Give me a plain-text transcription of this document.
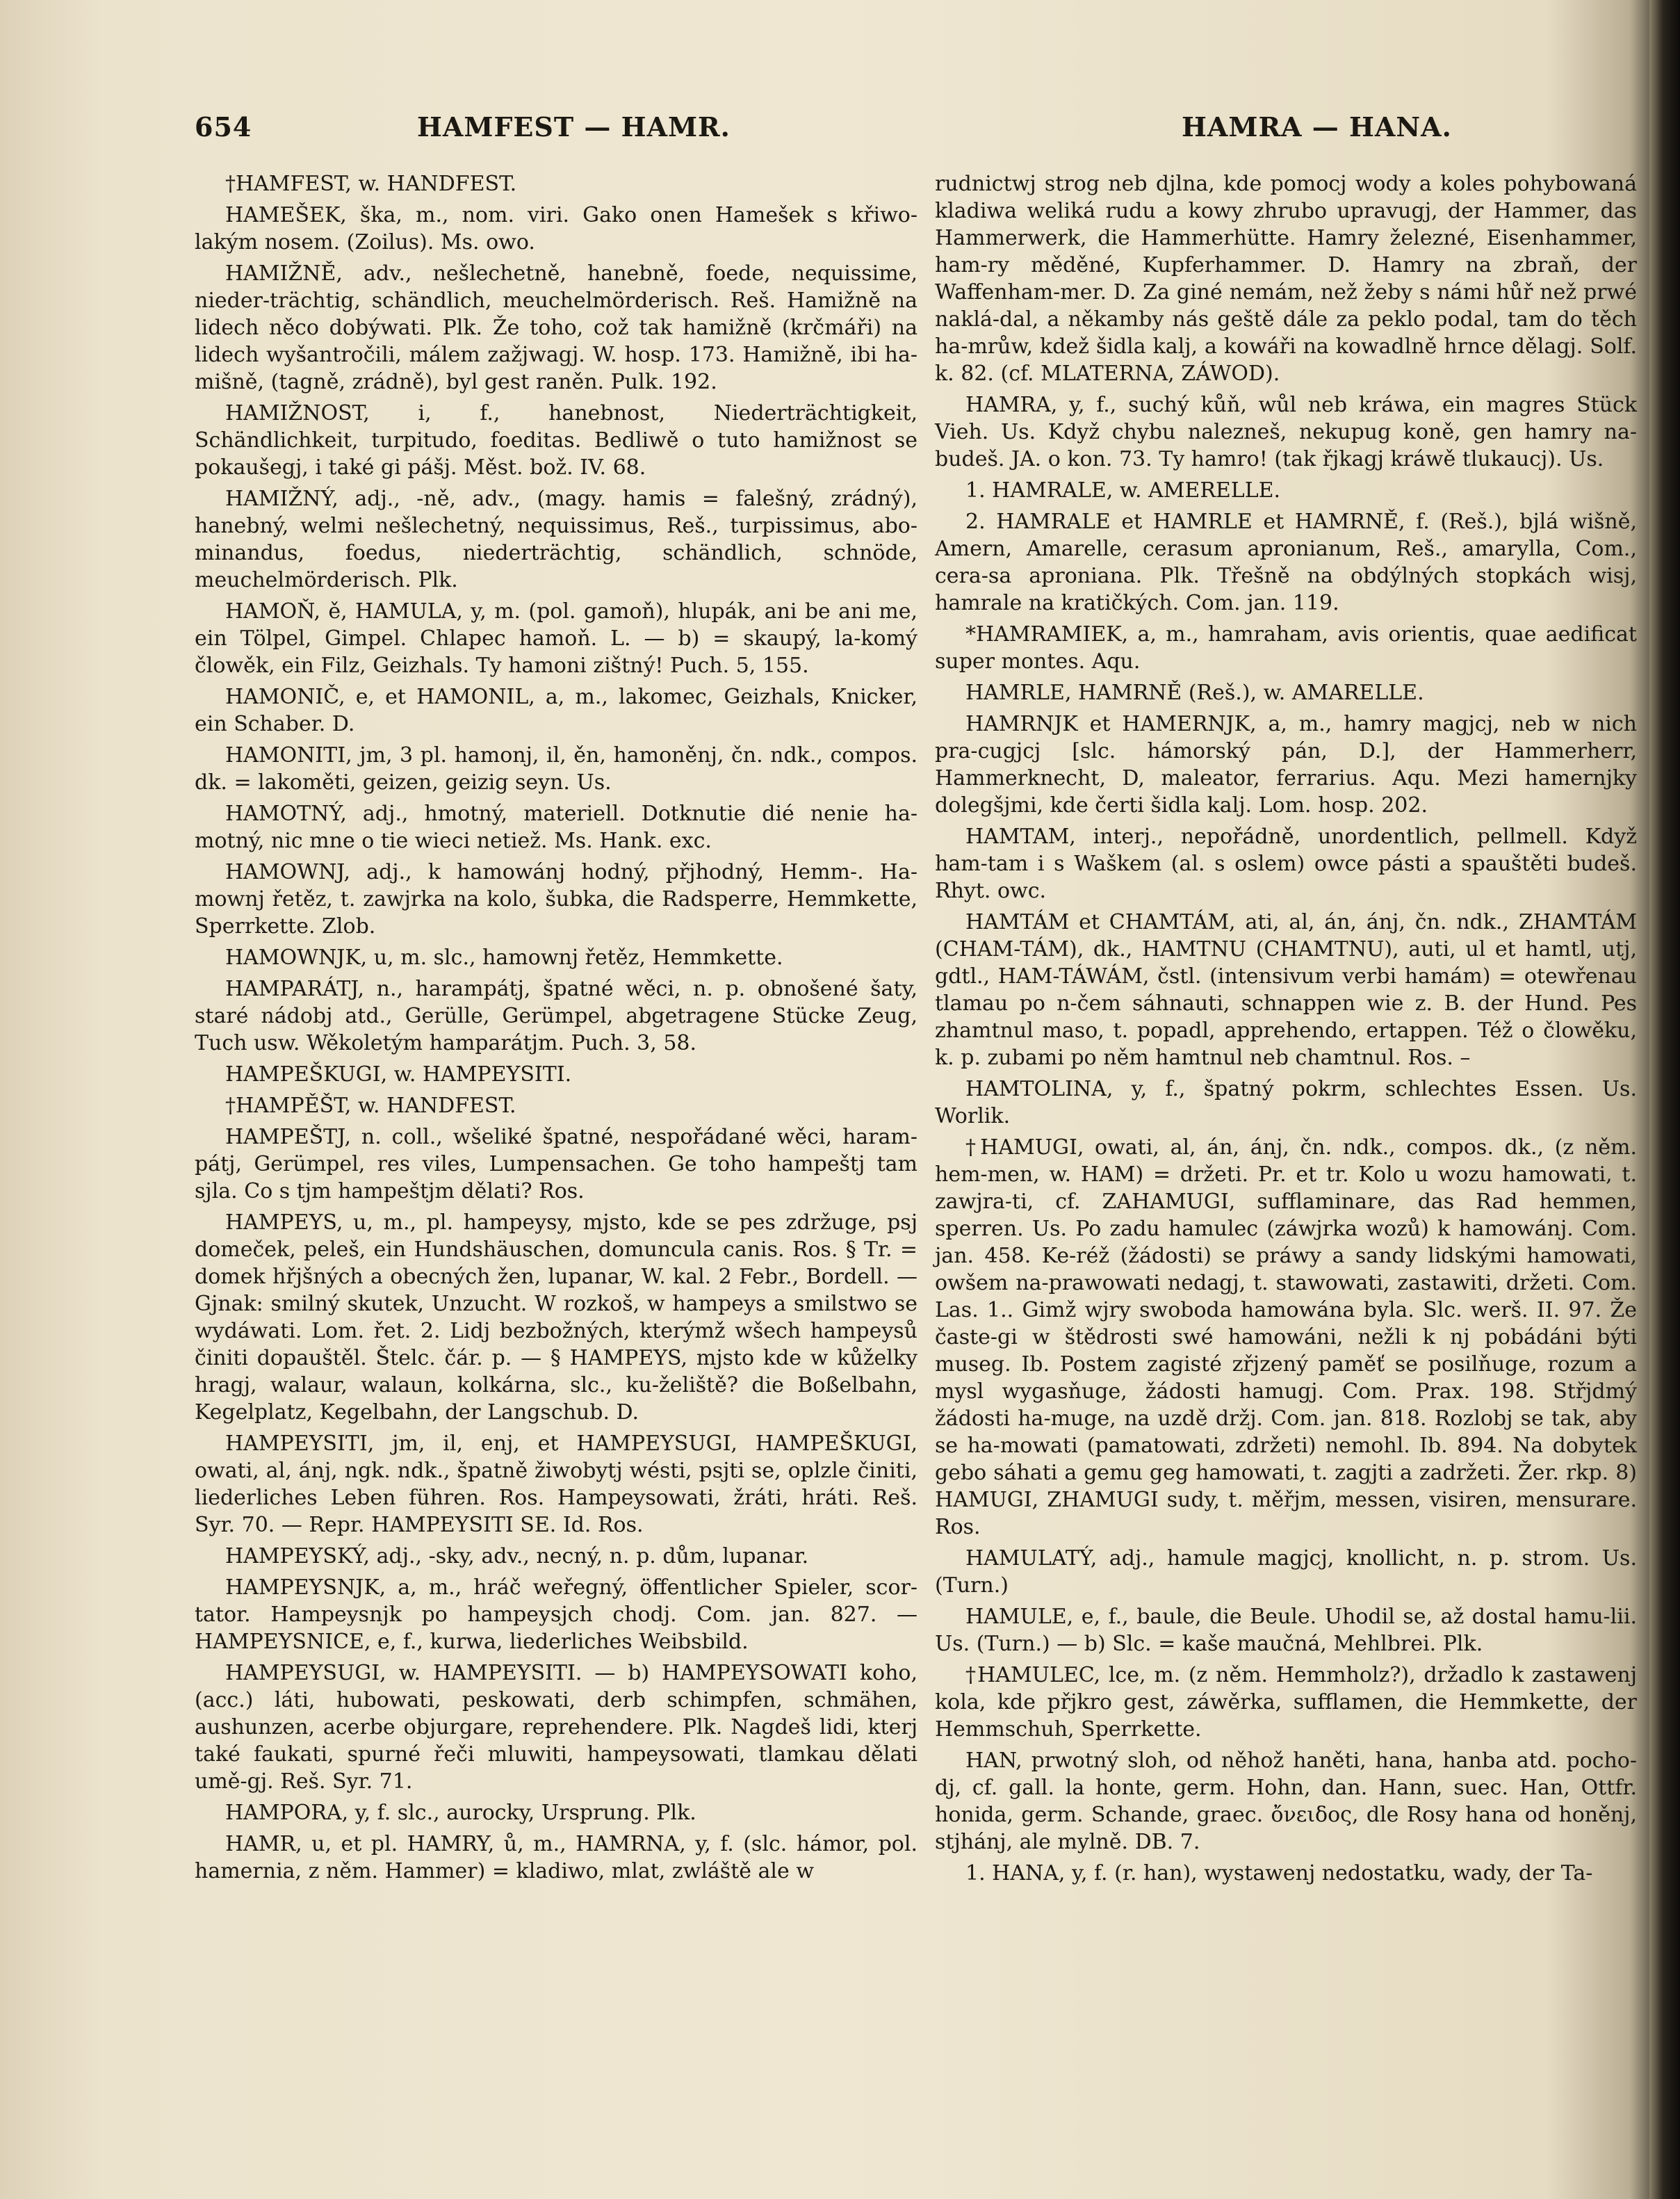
654	HAMFEST — HAMR.	HAMRA — HANA.

†HAMFEST, w. HANDFEST.

HAMEŠEK, ška, m., nom. viri. Gako onen Hamešek s křiwo-lakým nosem. (Zoilus). Ms. owo.

HAMIŽNĚ, adv., nešlechetně, hanebně, foede, nequissime, nieder-trächtig, schändlich, meuchelmörderisch. Reš. Hamižně na lidech něco dobýwati. Plk. Že toho, což tak hamižně (krčmáři) na lidech wyšantročili, málem zažjwagj. W. hosp. 173. Hamižně, ibi ha-mišně, (tagně, zrádně), byl gest raněn. Pulk. 192.

HAMIŽNOST, i, f., hanebnost, Niederträchtigkeit, Schändlichkeit, turpitudo, foeditas. Bedliwě o tuto hamižnost se pokaušegj, i také gi pášj. Měst. bož. IV. 68.

HAMIŽNÝ, adj., -ně, adv., (magy. hamis = falešný, zrádný), hanebný, welmi nešlechetný, nequissimus, Reš., turpissimus, abo-minandus, foedus, niederträchtig, schändlich, schnöde, meuchelmörderisch. Plk.

HAMOŇ, ě, HAMULA, y, m. (pol. gamoň), hlupák, ani be ani me, ein Tölpel, Gimpel. Chlapec hamoň. L. — b) = skaupý, la-komý člowěk, ein Filz, Geizhals. Ty hamoni zištný! Puch. 5, 155.

HAMONIČ, e, et HAMONIL, a, m., lakomec, Geizhals, Knicker, ein Schaber. D.

HAMONITI, jm, 3 pl. hamonj, il, ěn, hamoněnj, čn. ndk., compos. dk. = lakoměti, geizen, geizig seyn. Us.

HAMOTNÝ, adj., hmotný, materiell. Dotknutie dié nenie ha-motný, nic mne o tie wieci netiež. Ms. Hank. exc.

HAMOWNJ, adj., k hamowánj hodný, přjhodný, Hemm-. Ha-mownj řetěz, t. zawjrka na kolo, šubka, die Radsperre, Hemmkette, Sperrkette. Zlob.

HAMOWNJK, u, m. slc., hamownj řetěz, Hemmkette.

HAMPARÁTJ, n., harampátj, špatné wěci, n. p. obnošené šaty, staré nádobj atd., Gerülle, Gerümpel, abgetragene Stücke Zeug, Tuch usw. Wěkoletým hamparátjm. Puch. 3, 58.

HAMPEŠKUGI, w. HAMPEYSITI.

†HAMPĚŠT, w. HANDFEST.

HAMPEŠTJ, n. coll., wšeliké špatné, nespořádané wěci, haram-pátj, Gerümpel, res viles, Lumpensachen. Ge toho hampeštj tam sjla. Co s tjm hampeštjm dělati? Ros.

HAMPEYS, u, m., pl. hampeysy, mjsto, kde se pes zdržuge, psj domeček, peleš, ein Hundshäuschen, domuncula canis. Ros. § Tr. = domek hřjšných a obecných žen, lupanar, W. kal. 2 Febr., Bordell. — Gjnak: smilný skutek, Unzucht. W rozkoš, w hampeys a smilstwo se wydáwati. Lom. řet. 2. Lidj bezbožných, kterýmž wšech hampeysů činiti dopauštěl. Štelc. čár. p. — § HAMPEYS, mjsto kde w kůželky hragj, walaur, walaun, kolkárna, slc., ku-želiště? die Boßelbahn, Kegelplatz, Kegelbahn, der Langschub. D.

HAMPEYSITI, jm, il, enj, et HAMPEYSUGI, HAMPEŠKUGI, owati, al, ánj, ngk. ndk., špatně žiwobytj wésti, psjti se, oplzle činiti, liederliches Leben führen. Ros. Hampeysowati, žráti, hráti. Reš. Syr. 70. — Repr. HAMPEYSITI SE. Id. Ros.

HAMPEYSKÝ, adj., -sky, adv., necný, n. p. dům, lupanar.

HAMPEYSNJK, a, m., hráč weřegný, öffentlicher Spieler, scor-tator. Hampeysnjk po hampeysjch chodj. Com. jan. 827. — HAMPEYSNICE, e, f., kurwa, liederliches Weibsbild.

HAMPEYSUGI, w. HAMPEYSITI. — b) HAMPEYSOWATI koho, (acc.) láti, hubowati, peskowati, derb schimpfen, schmähen, aushunzen, acerbe objurgare, reprehendere. Plk. Nagdeš lidi, kterj také faukati, spurné řeči mluwiti, hampeysowati, tlamkau dělati umě-gj. Reš. Syr. 71.

HAMPORA, y, f. slc., aurocky, Ursprung. Plk.

HAMR, u, et pl. HAMRY, ů, m., HAMRNA, y, f. (slc. hámor, pol. hamernia, z něm. Hammer) = kladiwo, mlat, zwláště ale w

rudnictwj strog neb djlna, kde pomocj wody a koles pohybowaná kladiwa weliká rudu a kowy zhrubo upravugj, der Hammer, das Hammerwerk, die Hammerhütte. Hamry železné, Eisenhammer, ham-ry měděné, Kupferhammer. D. Hamry na zbraň, der Waffenham-mer. D. Za giné nemám, než žeby s námi hůř než prwé naklá-dal, a někamby nás geště dále za peklo podal, tam do těch ha-mrůw, kdež šidla kalj, a kowáři na kowadlně hrnce dělagj. Solf. k. 82. (cf. MLATERNA, ZÁWOD).

HAMRA, y, f., suchý kůň, wůl neb kráwa, ein magres Stück Vieh. Us. Když chybu nalezneš, nekupug koně, gen hamry na-budeš. JA. o kon. 73. Ty hamro! (tak řjkagj kráwě tlukaucj). Us.

1. HAMRALE, w. AMERELLE.

2. HAMRALE et HAMRLE et HAMRNĚ, f. (Reš.), bjlá wišně, Amern, Amarelle, cerasum apronianum, Reš., amarylla, Com., cera-sa aproniana. Plk. Třešně na obdýlných stopkách wisj, hamrale na kratičkých. Com. jan. 119.

*HAMRAMIEK, a, m., hamraham, avis orientis, quae aedificat super montes. Aqu.

HAMRLE, HAMRNĚ (Reš.), w. AMARELLE.

HAMRNJK et HAMERNJK, a, m., hamry magjcj, neb w nich pra-cugjcj [slc. hámorský pán, D.], der Hammerherr, Hammerknecht, D, maleator, ferrarius. Aqu. Mezi hamernjky dolegšjmi, kde čerti šidla kalj. Lom. hosp. 202.

HAMTAM, interj., nepořádně, unordentlich, pellmell. Když ham-tam i s Waškem (al. s oslem) owce pásti a spauštěti budeš. Rhyt. owc.

HAMTÁM et CHAMTÁM, ati, al, án, ánj, čn. ndk., ZHAMTÁM (CHAM-TÁM), dk., HAMTNU (CHAMTNU), auti, ul et hamtl, utj, gdtl., HAM-TÁWÁM, čstl. (intensivum verbi hamám) = otewřenau tlamau po n-čem sáhnauti, schnappen wie z. B. der Hund. Pes zhamtnul maso, t. popadl, apprehendo, ertappen. Též o člowěku, k. p. zubami po něm hamtnul neb chamtnul. Ros. –

HAMTOLINA, y, f., špatný pokrm, schlechtes Essen. Us. Worlik.

†HAMUGI, owati, al, án, ánj, čn. ndk., compos. dk., (z něm. hem-men, w. HAM) = držeti. Pr. et tr. Kolo u wozu hamowati, t. zawjra-ti, cf. ZAHAMUGI, sufflaminare, das Rad hemmen, sperren. Us. Po zadu hamulec (záwjrka wozů) k hamowánj. Com. jan. 458. Ke-réž (žádosti) se práwy a sandy lidskými hamowati, owšem na-prawowati nedagj, t. stawowati, zastawiti, držeti. Com. Las. 1.. Gimž wjry swoboda hamowána byla. Slc. werš. II. 97. Že časte-gi w štědrosti swé hamowáni, nežli k nj pobádáni býti museg. Ib. Postem zagisté zřjzený paměť se posilňuge, rozum a mysl wygasňuge, žádosti hamugj. Com. Prax. 198. Střjdmý žádosti ha-muge, na uzdě držj. Com. jan. 818. Rozlobj se tak, aby se ha-mowati (pamatowati, zdržeti) nemohl. Ib. 894. Na dobytek gebo sáhati a gemu geg hamowati, t. zagjti a zadržeti. Žer. rkp. 8) HAMUGI, ZHAMUGI sudy, t. měřjm, messen, visiren, mensurare. Ros.

HAMULATÝ, adj., hamule magjcj, knollicht, n. p. strom. Us. (Turn.)

HAMULE, e, f., baule, die Beule. Uhodil se, až dostal hamu-lii. Us. (Turn.) — b) Slc. = kaše maučná, Mehlbrei. Plk.

†HAMULEC, lce, m. (z něm. Hemmholz?), držadlo k zastawenj kola, kde přjkro gest, záwěrka, sufflamen, die Hemmkette, der Hemmschuh, Sperrkette.

HAN, prwotný sloh, od něhož haněti, hana, hanba atd. pocho-dj, cf. gall. la honte, germ. Hohn, dan. Hann, suec. Han, Ottfr. honida, germ. Schande, graec. ὄνειδος, dle Rosy hana od honěnj, stjhánj, ale mylně. DB. 7.

1. HANA, y, f. (r. han), wystawenj nedostatku, wady, der Ta-
